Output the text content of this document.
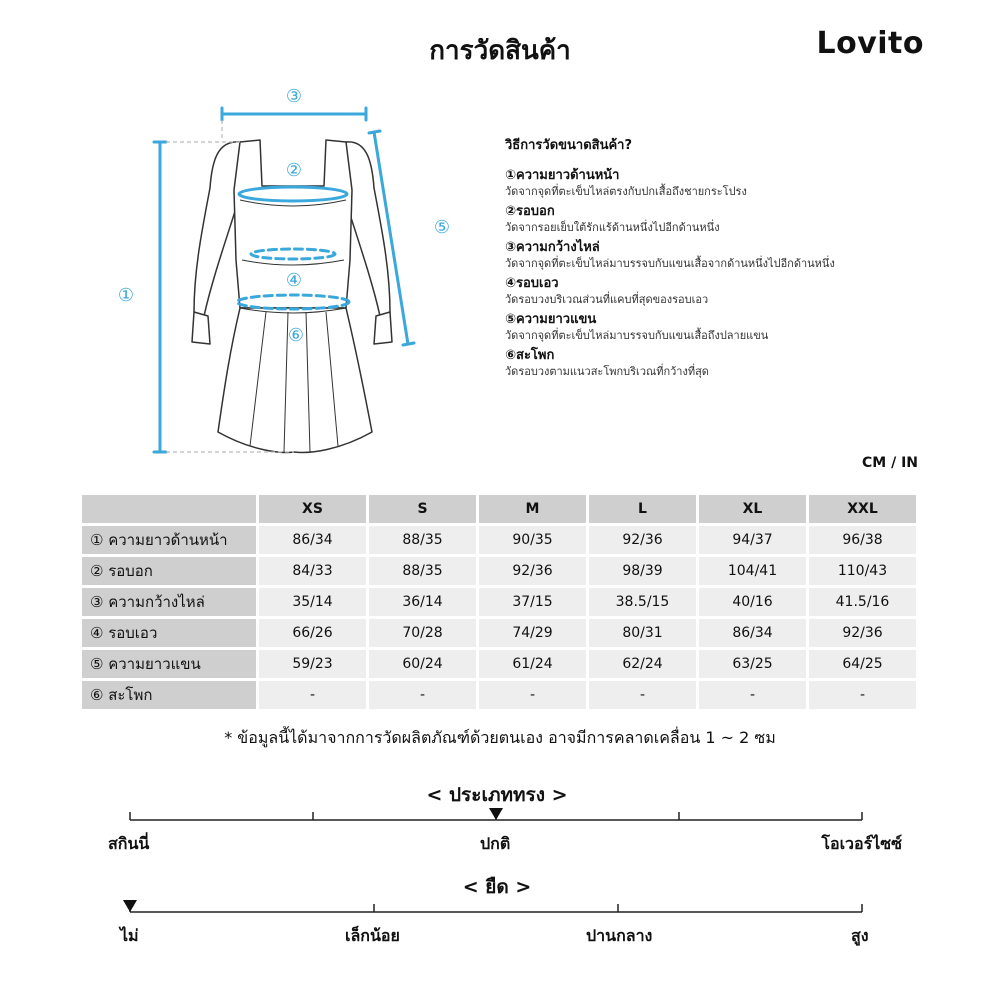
การวัดสินค้า	Lovito
①
②
③
④
⑤
⑥
วิธีการวัดขนาดสินค้า?
①ความยาวด้านหน้า
วัดจากจุดที่ตะเข็บไหล่ตรงกับปกเสื้อถึงชายกระโปรง
②รอบอก
วัดจากรอยเย็บใต้รักแร้ด้านหนึ่งไปอีกด้านหนึ่ง
③ความกว้างไหล่
วัดจากจุดที่ตะเข็บไหล่มาบรรจบกับแขนเสื้อจากด้านหนึ่งไปอีกด้านหนึ่ง
④รอบเอว
วัดรอบวงบริเวณส่วนที่แคบที่สุดของรอบเอว
⑤ความยาวแขน
วัดจากจุดที่ตะเข็บไหล่มาบรรจบกับแขนเสื้อถึงปลายแขน
⑥สะโพก
วัดรอบวงตามแนวสะโพกบริเวณที่กว้างที่สุด
CM / IN
	XS	S	M	L	XL	XXL
① ความยาวด้านหน้า	86/34	88/35	90/35	92/36	94/37	96/38
② รอบอก	84/33	88/35	92/36	98/39	104/41	110/43
③ ความกว้างไหล่	35/14	36/14	37/15	38.5/15	40/16	41.5/16
④ รอบเอว	66/26	70/28	74/29	80/31	86/34	92/36
⑤ ความยาวแขน	59/23	60/24	61/24	62/24	63/25	64/25
⑥ สะโพก	-	-	-	-	-	-
* ข้อมูลนี้ได้มาจากการวัดผลิตภัณฑ์ด้วยตนเอง อาจมีการคลาดเคลื่อน 1 ~ 2 ซม
< ประเภททรง >
สกินนี่	ปกติ	โอเวอร์ไซซ์
< ยืด >
ไม่	เล็กน้อย	ปานกลาง	สูง
